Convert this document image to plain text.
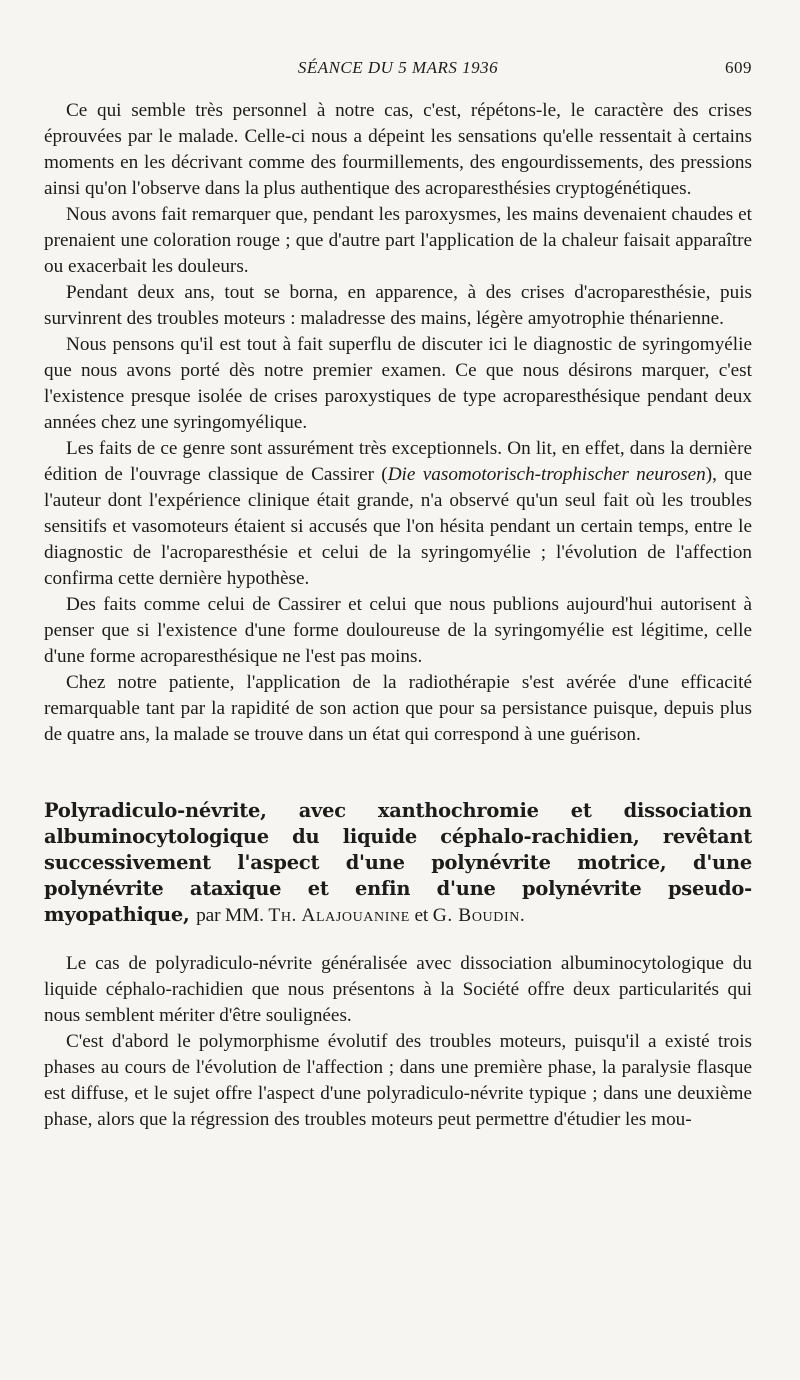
SÉANCE DU 5 MARS 1936	609

Ce qui semble très personnel à notre cas, c'est, répétons-le, le caractère des crises éprouvées par le malade. Celle-ci nous a dépeint les sensations qu'elle ressentait à certains moments en les décrivant comme des fourmillements, des engourdissements, des pressions ainsi qu'on l'observe dans la plus authentique des acroparesthésies cryptogénétiques.

Nous avons fait remarquer que, pendant les paroxysmes, les mains devenaient chaudes et prenaient une coloration rouge ; que d'autre part l'application de la chaleur faisait apparaître ou exacerbait les douleurs.

Pendant deux ans, tout se borna, en apparence, à des crises d'acroparesthésie, puis survinrent des troubles moteurs : maladresse des mains, légère amyotrophie thénarienne.

Nous pensons qu'il est tout à fait superflu de discuter ici le diagnostic de syringomyélie que nous avons porté dès notre premier examen. Ce que nous désirons marquer, c'est l'existence presque isolée de crises paroxystiques de type acroparesthésique pendant deux années chez une syringomyélique.

Les faits de ce genre sont assurément très exceptionnels. On lit, en effet, dans la dernière édition de l'ouvrage classique de Cassirer (Die vasomotorisch-trophischer neurosen), que l'auteur dont l'expérience clinique était grande, n'a observé qu'un seul fait où les troubles sensitifs et vasomoteurs étaient si accusés que l'on hésita pendant un certain temps, entre le diagnostic de l'acroparesthésie et celui de la syringomyélie ; l'évolution de l'affection confirma cette dernière hypothèse.

Des faits comme celui de Cassirer et celui que nous publions aujourd'hui autorisent à penser que si l'existence d'une forme douloureuse de la syringomyélie est légitime, celle d'une forme acroparesthésique ne l'est pas moins.

Chez notre patiente, l'application de la radiothérapie s'est avérée d'une efficacité remarquable tant par la rapidité de son action que pour sa persistance puisque, depuis plus de quatre ans, la malade se trouve dans un état qui correspond à une guérison.

Polyradiculo-névrite, avec xanthochromie et dissociation albuminocytologique du liquide céphalo-rachidien, revêtant successivement l'aspect d'une polynévrite motrice, d'une polynévrite ataxique et enfin d'une polynévrite pseudo-myopathique, par MM. Th. Alajouanine et G. Boudin.

Le cas de polyradiculo-névrite généralisée avec dissociation albuminocytologique du liquide céphalo-rachidien que nous présentons à la Société offre deux particularités qui nous semblent mériter d'être soulignées.

C'est d'abord le polymorphisme évolutif des troubles moteurs, puisqu'il a existé trois phases au cours de l'évolution de l'affection ; dans une première phase, la paralysie flasque est diffuse, et le sujet offre l'aspect d'une polyradiculo-névrite typique ; dans une deuxième phase, alors que la régression des troubles moteurs peut permettre d'étudier les mou-
